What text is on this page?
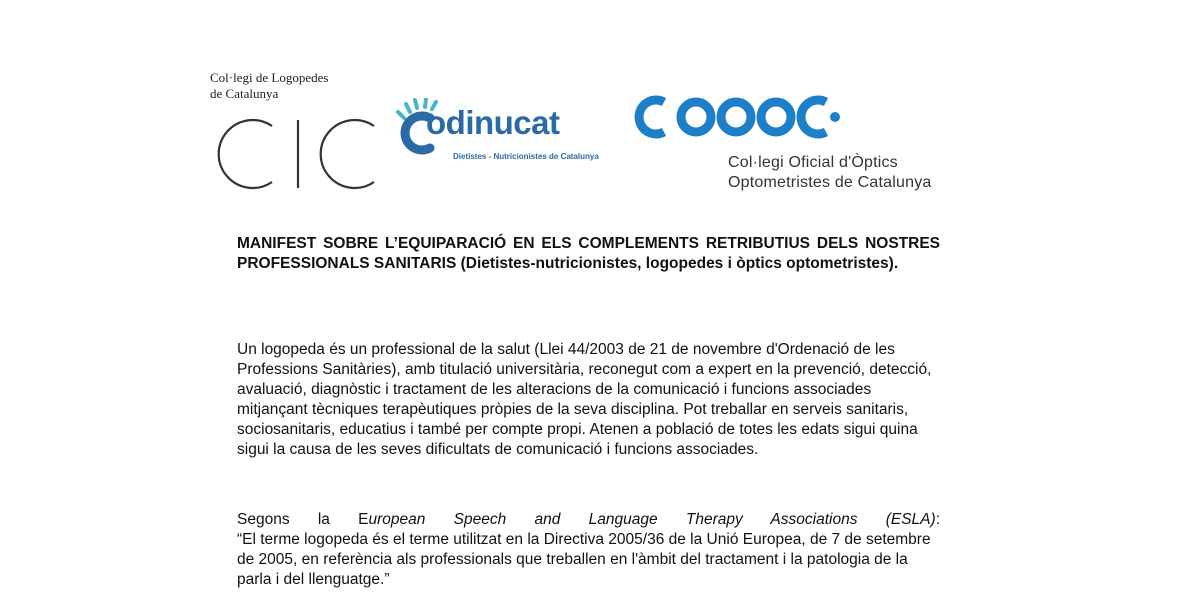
Col·legi de Logopedes

de Catalunya

odinucat
Dietistes - Nutricionistes de Catalunya	Col·legi Oficial d'Òptics
Optometristes de Catalunya

MANIFEST SOBRE L’EQUIPARACIÓ EN ELS COMPLEMENTS RETRIBUTIUS DELS NOSTRES PROFESSIONALS SANITARIS (Dietistes-nutricionistes, logopedes i òptics optometristes).

Un logopeda és un professional de la salut (Llei 44/2003 de 21 de novembre d'Ordenació de les Professions Sanitàries), amb titulació universitària, reconegut com a expert en la prevenció, detecció, avaluació, diagnòstic i tractament de les alteracions de la comunicació i funcions associades mitjançant tècniques terapèutiques pròpies de la seva disciplina. Pot treballar en serveis sanitaris, sociosanitaris, educatius i també per compte propi. Atenen a població de totes les edats sigui quina sigui la causa de les seves dificultats de comunicació i funcions associades.

Segons la European Speech and Language Therapy Associations (ESLA):
“El terme logopeda és el terme utilitzat en la Directiva 2005/36 de la Unió Europea, de 7 de setembre de 2005, en referència als professionals que treballen en l'àmbit del tractament i la patologia de la parla i del llenguatge.”
